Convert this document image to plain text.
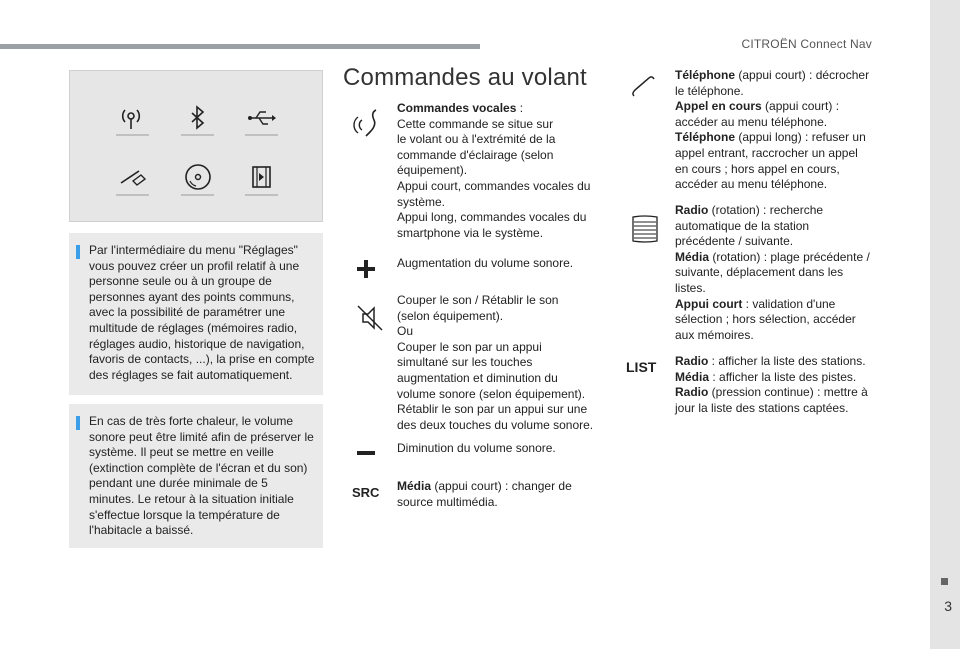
CITROËN Connect Nav
3
Par l'intermédiaire du menu "Réglages" vous pouvez créer un profil relatif à une personne seule ou à un groupe de personnes ayant des points communs, avec la possibilité de paramétrer une multitude de réglages (mémoires radio, réglages audio, historique de navigation, favoris de contacts, ...), la prise en compte des réglages se fait automatiquement.
En cas de très forte chaleur, le volume sonore peut être limité afin de préserver le système. Il peut se mettre en veille (extinction complète de l'écran et du son) pendant une durée minimale de 5 minutes. Le retour à la situation initiale s'effectue lorsque la température de l'habitacle a baissé.
Commandes au volant
Commandes vocales :
Cette commande se situe sur
le volant ou à l'extrémité de la
commande d'éclairage (selon
équipement).
Appui court, commandes vocales du
système.
Appui long, commandes vocales du
smartphone via le système.
Augmentation du volume sonore.
Couper le son / Rétablir le son
(selon équipement).
Ou
Couper le son par un appui
simultané sur les touches
augmentation et diminution du
volume sonore (selon équipement).
Rétablir le son par un appui sur une
des deux touches du volume sonore.
Diminution du volume sonore.
SRC Média (appui court) : changer de
source multimédia.
Téléphone (appui court) : décrocher
le téléphone.
Appel en cours (appui court) :
accéder au menu téléphone.
Téléphone (appui long) : refuser un
appel entrant, raccrocher un appel
en cours ; hors appel en cours,
accéder au menu téléphone.
Radio (rotation) : recherche
automatique de la station
précédente / suivante.
Média (rotation) : plage précédente /
suivante, déplacement dans les
listes.
Appui court : validation d'une
sélection ; hors sélection, accéder
aux mémoires.
LIST Radio : afficher la liste des stations.
Média : afficher la liste des pistes.
Radio (pression continue) : mettre à
jour la liste des stations captées.
